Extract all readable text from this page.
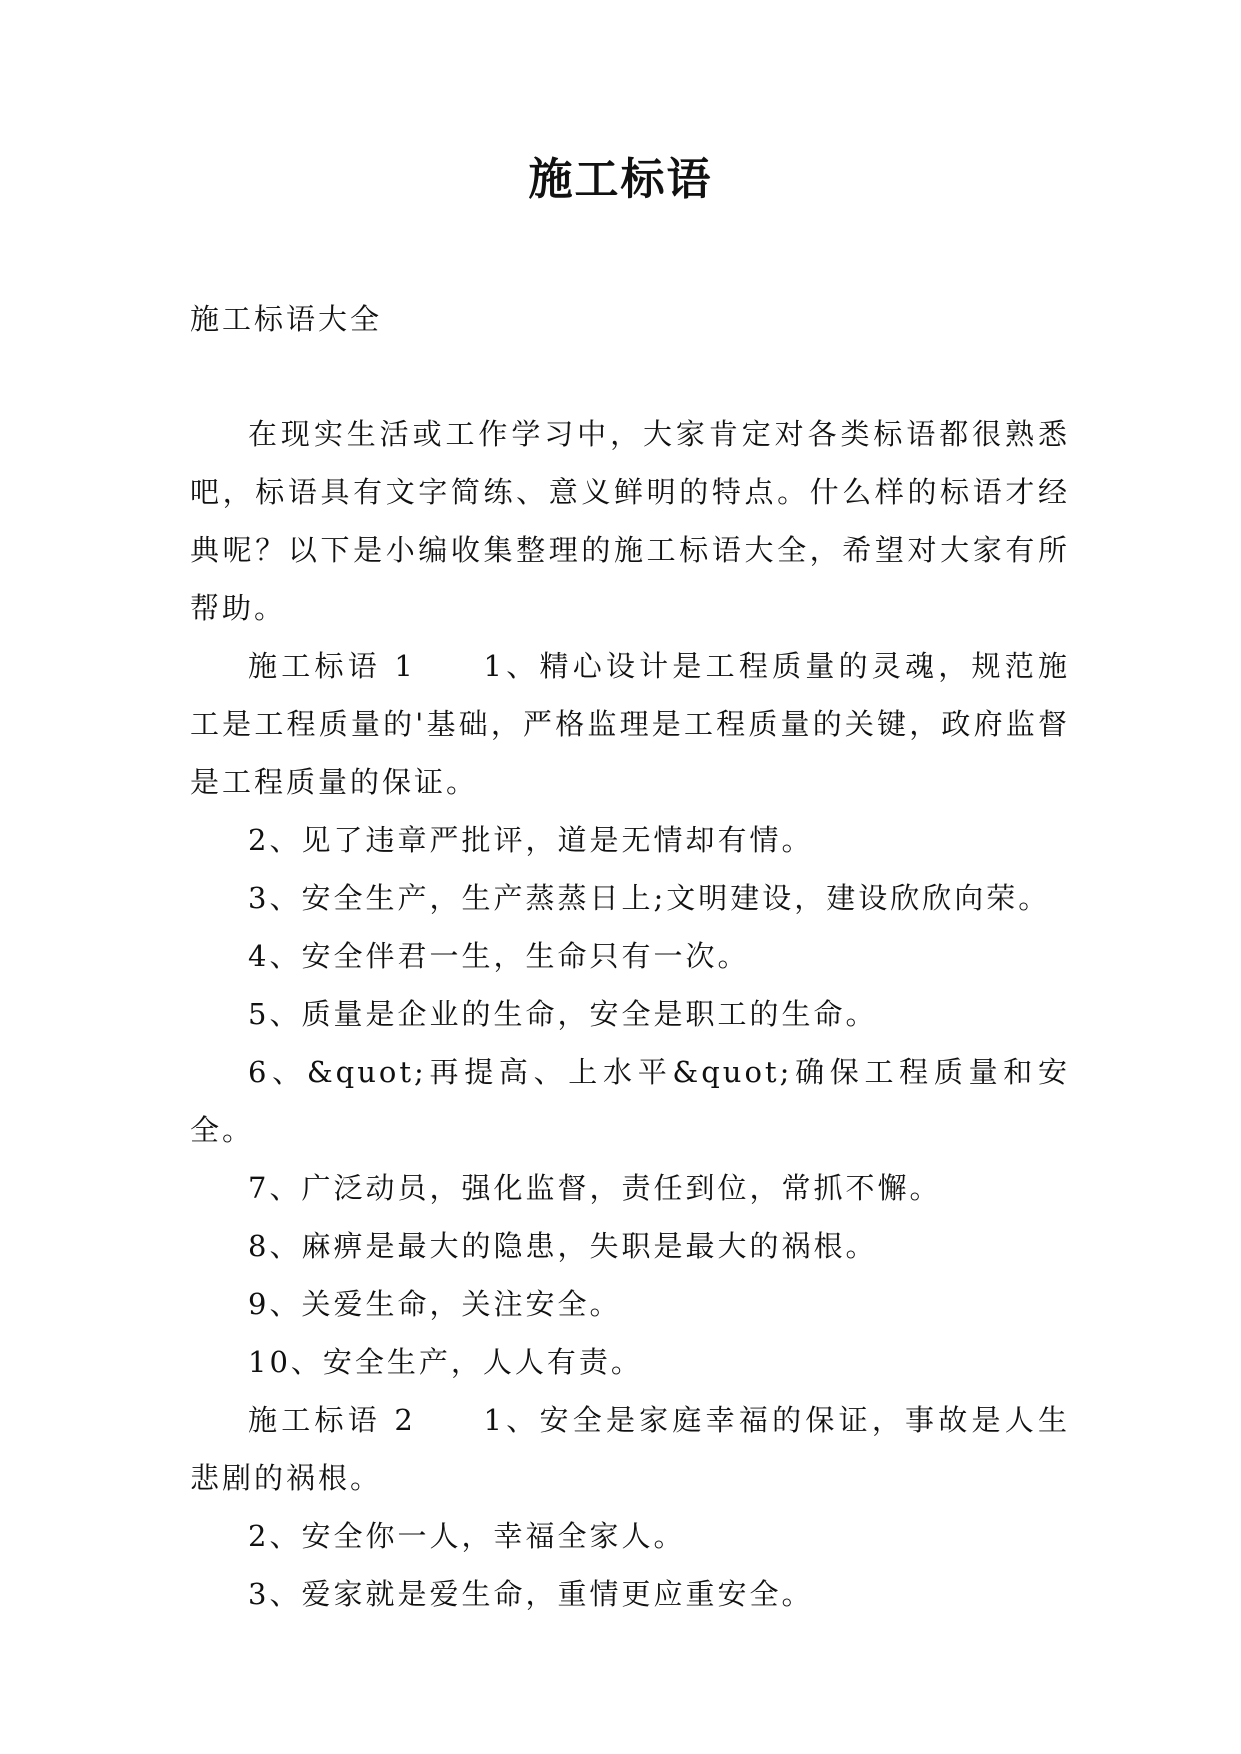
施工标语

施工标语大全

在现实生活或工作学习中，大家肯定对各类标语都很熟悉吧，标语具有文字简练、意义鲜明的特点。什么样的标语才经典呢？以下是小编收集整理的施工标语大全，希望对大家有所帮助。

施工标语 1　　1、精心设计是工程质量的灵魂，规范施工是工程质量的'基础，严格监理是工程质量的关键，政府监督是工程质量的保证。

2、见了违章严批评，道是无情却有情。

3、安全生产，生产蒸蒸日上;文明建设，建设欣欣向荣。

4、安全伴君一生，生命只有一次。

5、质量是企业的生命，安全是职工的生命。

6、&quot;再提高、上水平&quot;确保工程质量和安全。

7、广泛动员，强化监督，责任到位，常抓不懈。

8、麻痹是最大的隐患，失职是最大的祸根。

9、关爱生命，关注安全。

10、安全生产，人人有责。

施工标语 2　　1、安全是家庭幸福的保证，事故是人生悲剧的祸根。

2、安全你一人，幸福全家人。

3、爱家就是爱生命，重情更应重安全。
